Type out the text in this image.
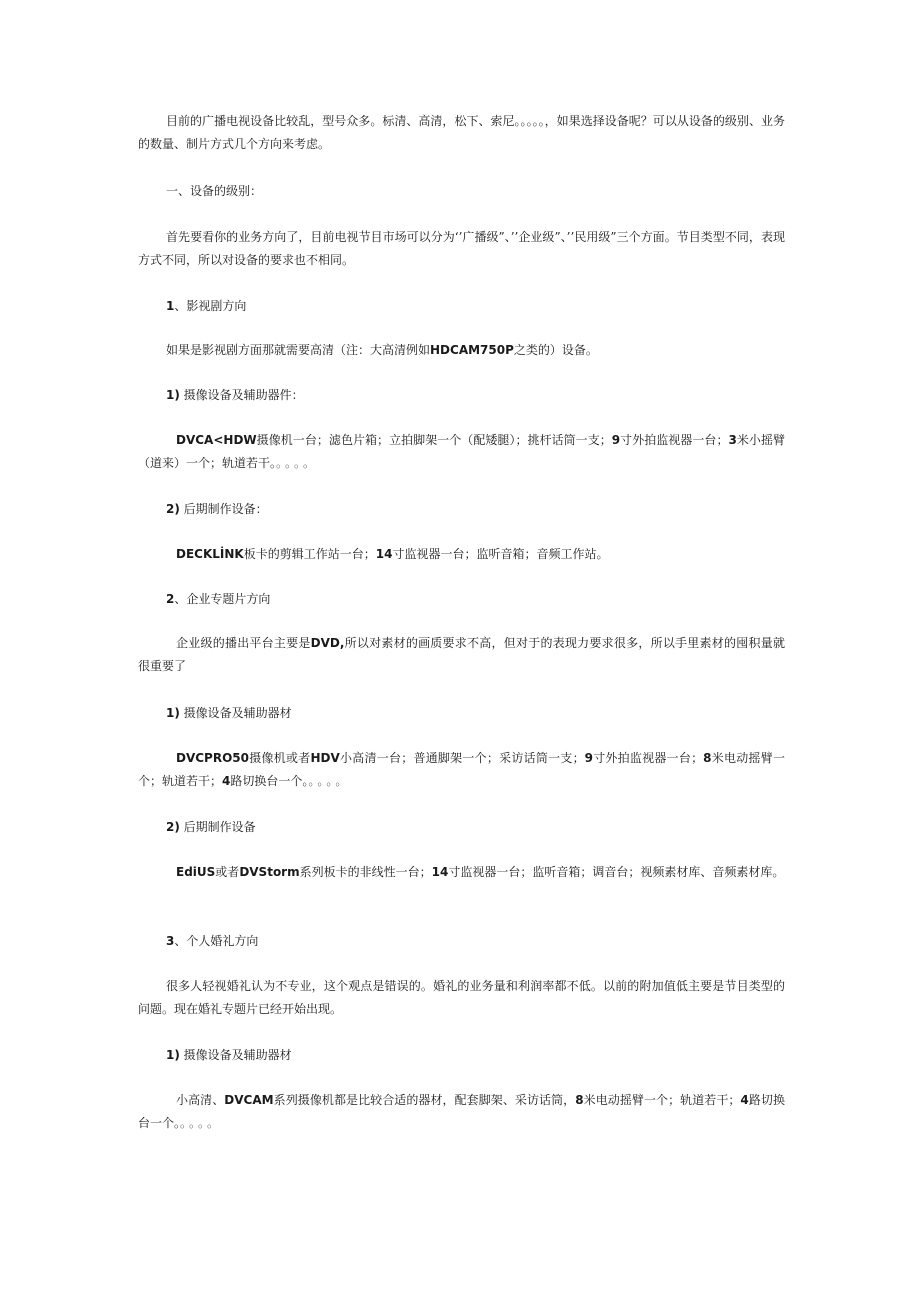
目前的广播电视设备比较乱，型号众多。标清、高清，松下、索尼。。。。。，如果选择设备呢？可以从设备的级别、业务的数量、制片方式几个方向来考虑。

一、设备的级别：

首先要看你的业务方向了，目前电视节目市场可以分为‘’广播级”、’’企业级”、’’民用级”三个方面。节目类型不同，表现方式不同，所以对设备的要求也不相同。

1、影视剧方向

如果是影视剧方面那就需要高清（注：大高清例如HDCAM750P之类的）设备。

1) 摄像设备及辅助器件：

DVCA<HDW摄像机一台；滤色片箱；立拍脚架一个（配矮腿）；挑杆话筒一支；9寸外拍监视器一台；3米小摇臂（道来）一个；轨道若干。。。。。

2) 后期制作设备：

DECKLİNK板卡的剪辑工作站一台；14寸监视器一台；监听音箱；音频工作站。

2、企业专题片方向

企业级的播出平台主要是DVD,所以对素材的画质要求不高，但对于的表现力要求很多，所以手里素材的囤积量就很重要了

1) 摄像设备及辅助器材

DVCPRO50摄像机或者HDV小高清一台；普通脚架一个；采访话筒一支；9寸外拍监视器一台；8米电动摇臂一个；轨道若干；4路切换台一个。。。。。

2) 后期制作设备

EdiUS或者DVStorm系列板卡的非线性一台；14寸监视器一台；监听音箱；调音台；视频素材库、音频素材库。

3、个人婚礼方向

很多人轻视婚礼认为不专业，这个观点是错误的。婚礼的业务量和利润率都不低。以前的附加值低主要是节目类型的问题。现在婚礼专题片已经开始出现。

1) 摄像设备及辅助器材

小高清、DVCAM系列摄像机都是比较合适的器材，配套脚架、采访话筒，8米电动摇臂一个；轨道若干；4路切换台一个。。。。。
